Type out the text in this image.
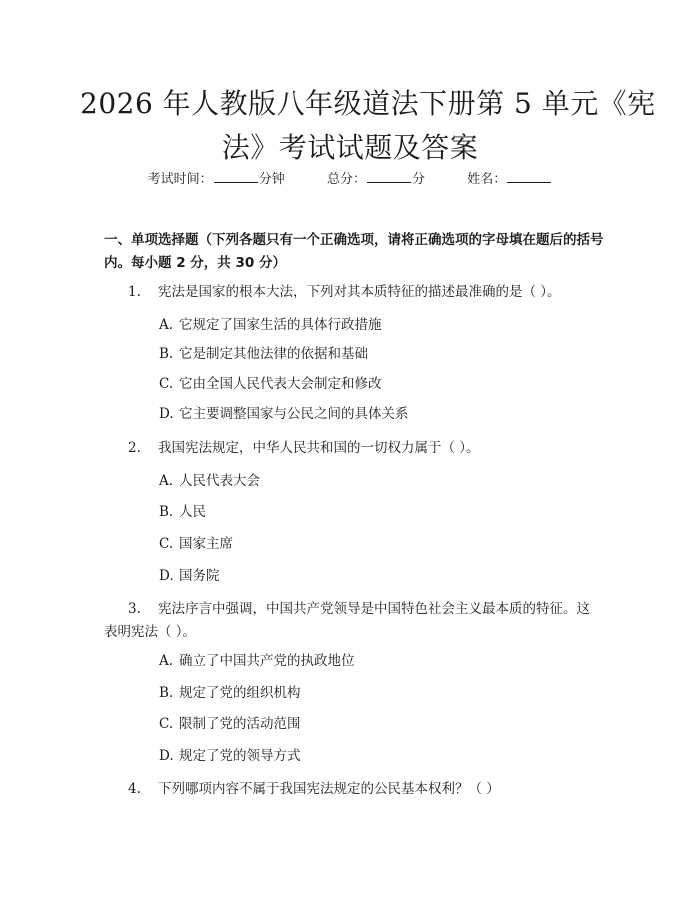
2026 年人教版八年级道法下册第 5 单元《宪
法》考试试题及答案
考试时间：	分钟	总分：	分	姓名：
一、单项选择题（下列各题只有一个正确选项，请将正确选项的字母填在题后的括号内。每小题 2 分，共 30 分）
1. 宪法是国家的根本大法，下列对其本质特征的描述最准确的是（ ）。
A. 它规定了国家生活的具体行政措施
B. 它是制定其他法律的依据和基础
C. 它由全国人民代表大会制定和修改
D. 它主要调整国家与公民之间的具体关系
2. 我国宪法规定，中华人民共和国的一切权力属于（ ）。
A. 人民代表大会
B. 人民
C. 国家主席
D. 国务院
3. 宪法序言中强调，中国共产党领导是中国特色社会主义最本质的特征。这
表明宪法（ ）。
A. 确立了中国共产党的执政地位
B. 规定了党的组织机构
C. 限制了党的活动范围
D. 规定了党的领导方式
4. 下列哪项内容不属于我国宪法规定的公民基本权利？（ ）
